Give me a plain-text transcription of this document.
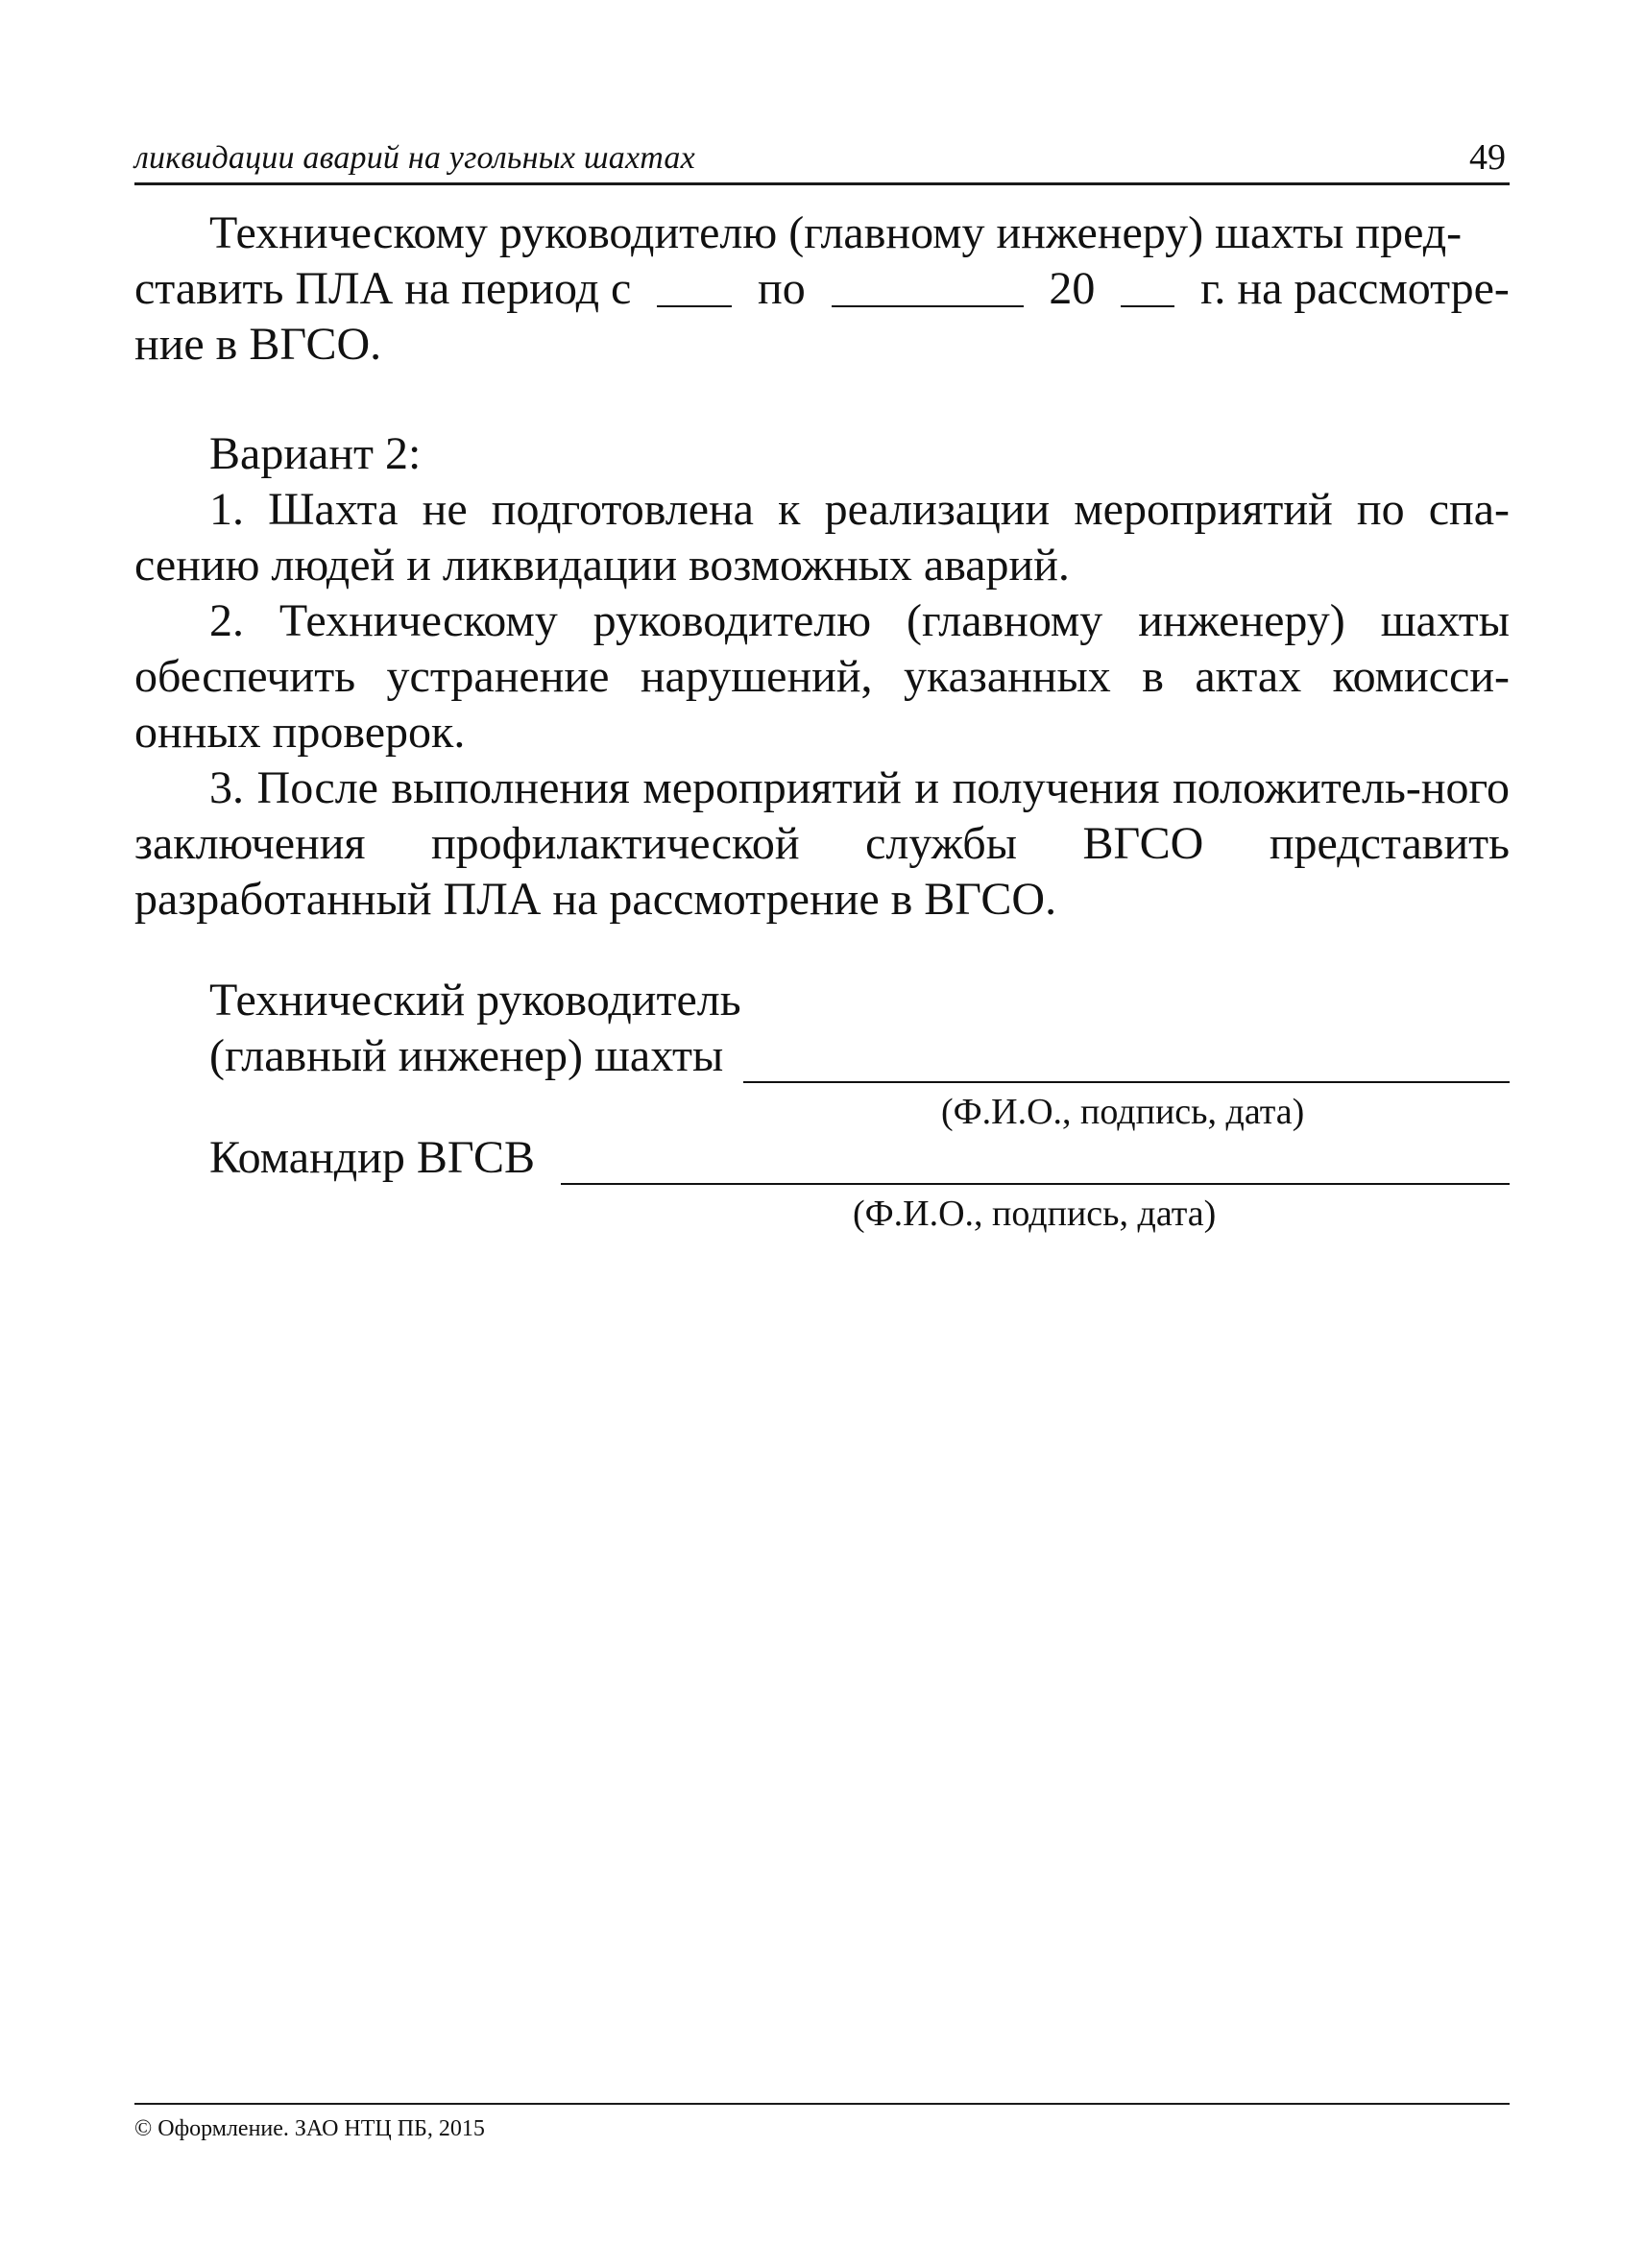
ликвидации аварий на угольных шахтах	49

Техническому руководителю (главному инженеру) шахты пред-

ставить ПЛА на период с	по	20 г. на рассмотре-
ние в ВГСО.

Вариант 2:

1. Шахта не подготовлена к реализации мероприятий по спа-сению людей и ликвидации возможных аварий.

2. Техническому руководителю (главному инженеру) шахты обеспечить устранение нарушений, указанных в актах комисси-онных проверок.

3. После выполнения мероприятий и получения положитель-ного заключения профилактической службы ВГСО представить разработанный ПЛА на рассмотрение в ВГСО.

Технический руководитель
(главный инженер) шахты
(Ф.И.О., подпись, дата)
Командир ВГСВ
(Ф.И.О., подпись, дата)
© Оформление. ЗАО НТЦ ПБ, 2015
